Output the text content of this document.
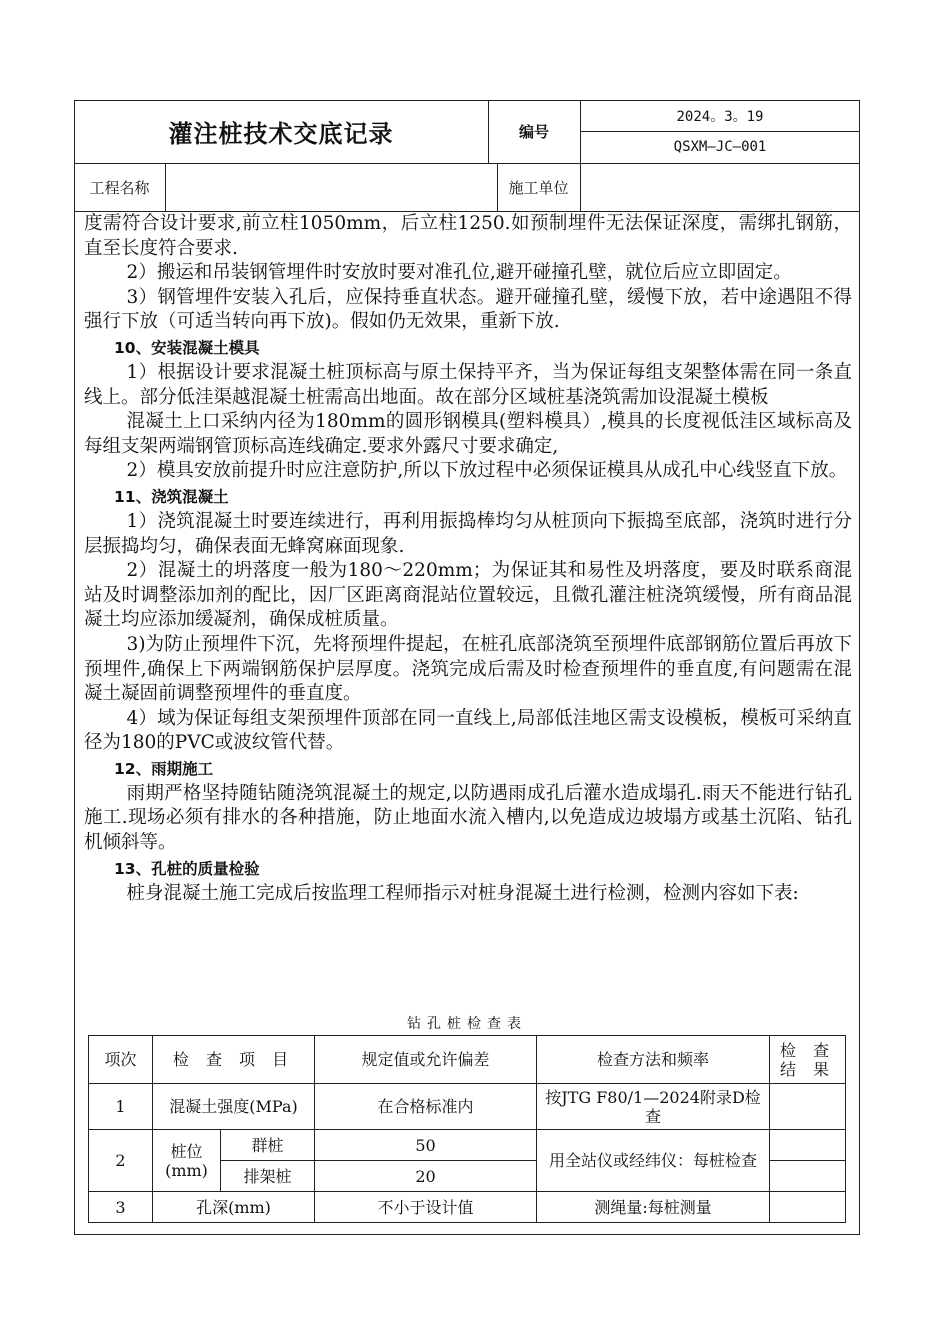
灌注桩技术交底记录	编号
2024。3。19
QSXM—JC—001
工程名称	施工单位

度需符合设计要求,前立柱1050mm，后立柱1250.如预制埋件无法保证深度，需绑扎钢筋，直至长度符合要求.

2）搬运和吊装钢管埋件时安放时要对准孔位,避开碰撞孔壁，就位后应立即固定。

3）钢管埋件安装入孔后，应保持垂直状态。避开碰撞孔壁，缓慢下放，若中途遇阻不得强行下放（可适当转向再下放)。假如仍无效果，重新下放.

10、安装混凝土模具

1）根据设计要求混凝土桩顶标高与原土保持平齐，当为保证每组支架整体需在同一条直线上。部分低洼渠越混凝土桩需高出地面。故在部分区域桩基浇筑需加设混凝土模板

混凝土上口采纳内径为180mm的圆形钢模具(塑料模具）,模具的长度视低洼区域标高及每组支架两端钢管顶标高连线确定.要求外露尺寸要求确定,

2）模具安放前提升时应注意防护,所以下放过程中必须保证模具从成孔中心线竖直下放。

11、浇筑混凝土

1）浇筑混凝土时要连续进行，再利用振捣棒均匀从桩顶向下振捣至底部，浇筑时进行分层振捣均匀，确保表面无蜂窝麻面现象.

2）混凝土的坍落度一般为180～220mm；为保证其和易性及坍落度，要及时联系商混站及时调整添加剂的配比，因厂区距离商混站位置较远，且微孔灌注桩浇筑缓慢，所有商品混凝土均应添加缓凝剂，确保成桩质量。

3)为防止预埋件下沉，先将预埋件提起，在桩孔底部浇筑至预埋件底部钢筋位置后再放下预埋件,确保上下两端钢筋保护层厚度。浇筑完成后需及时检查预埋件的垂直度,有问题需在混凝土凝固前调整预埋件的垂直度。

4）域为保证每组支架预埋件顶部在同一直线上,局部低洼地区需支设模板，模板可采纳直径为180的PVC或波纹管代替。

12、雨期施工

雨期严格坚持随钻随浇筑混凝土的规定,以防遇雨成孔后灌水造成塌孔.雨天不能进行钻孔施工.现场必须有排水的各种措施，防止地面水流入槽内,以免造成边坡塌方或基土沉陷、钻孔机倾斜等。

13、孔桩的质量检验

桩身混凝土施工完成后按监理工程师指示对桩身混凝土进行检测，检测内容如下表:

钻孔桩检查表
项次	检 查 项 目		规定值或允许偏差	检查方法和频率	检 查 结 果
1	混凝土强度(MPa)		在合格标准内	按JTG F80/1—2024附录D检查	
2	桩位(mm)	群桩	50	用全站仪或经纬仪：每桩检查	
		排架桩	20		
3	孔深(mm)		不小于设计值	测绳量:每桩测量	
